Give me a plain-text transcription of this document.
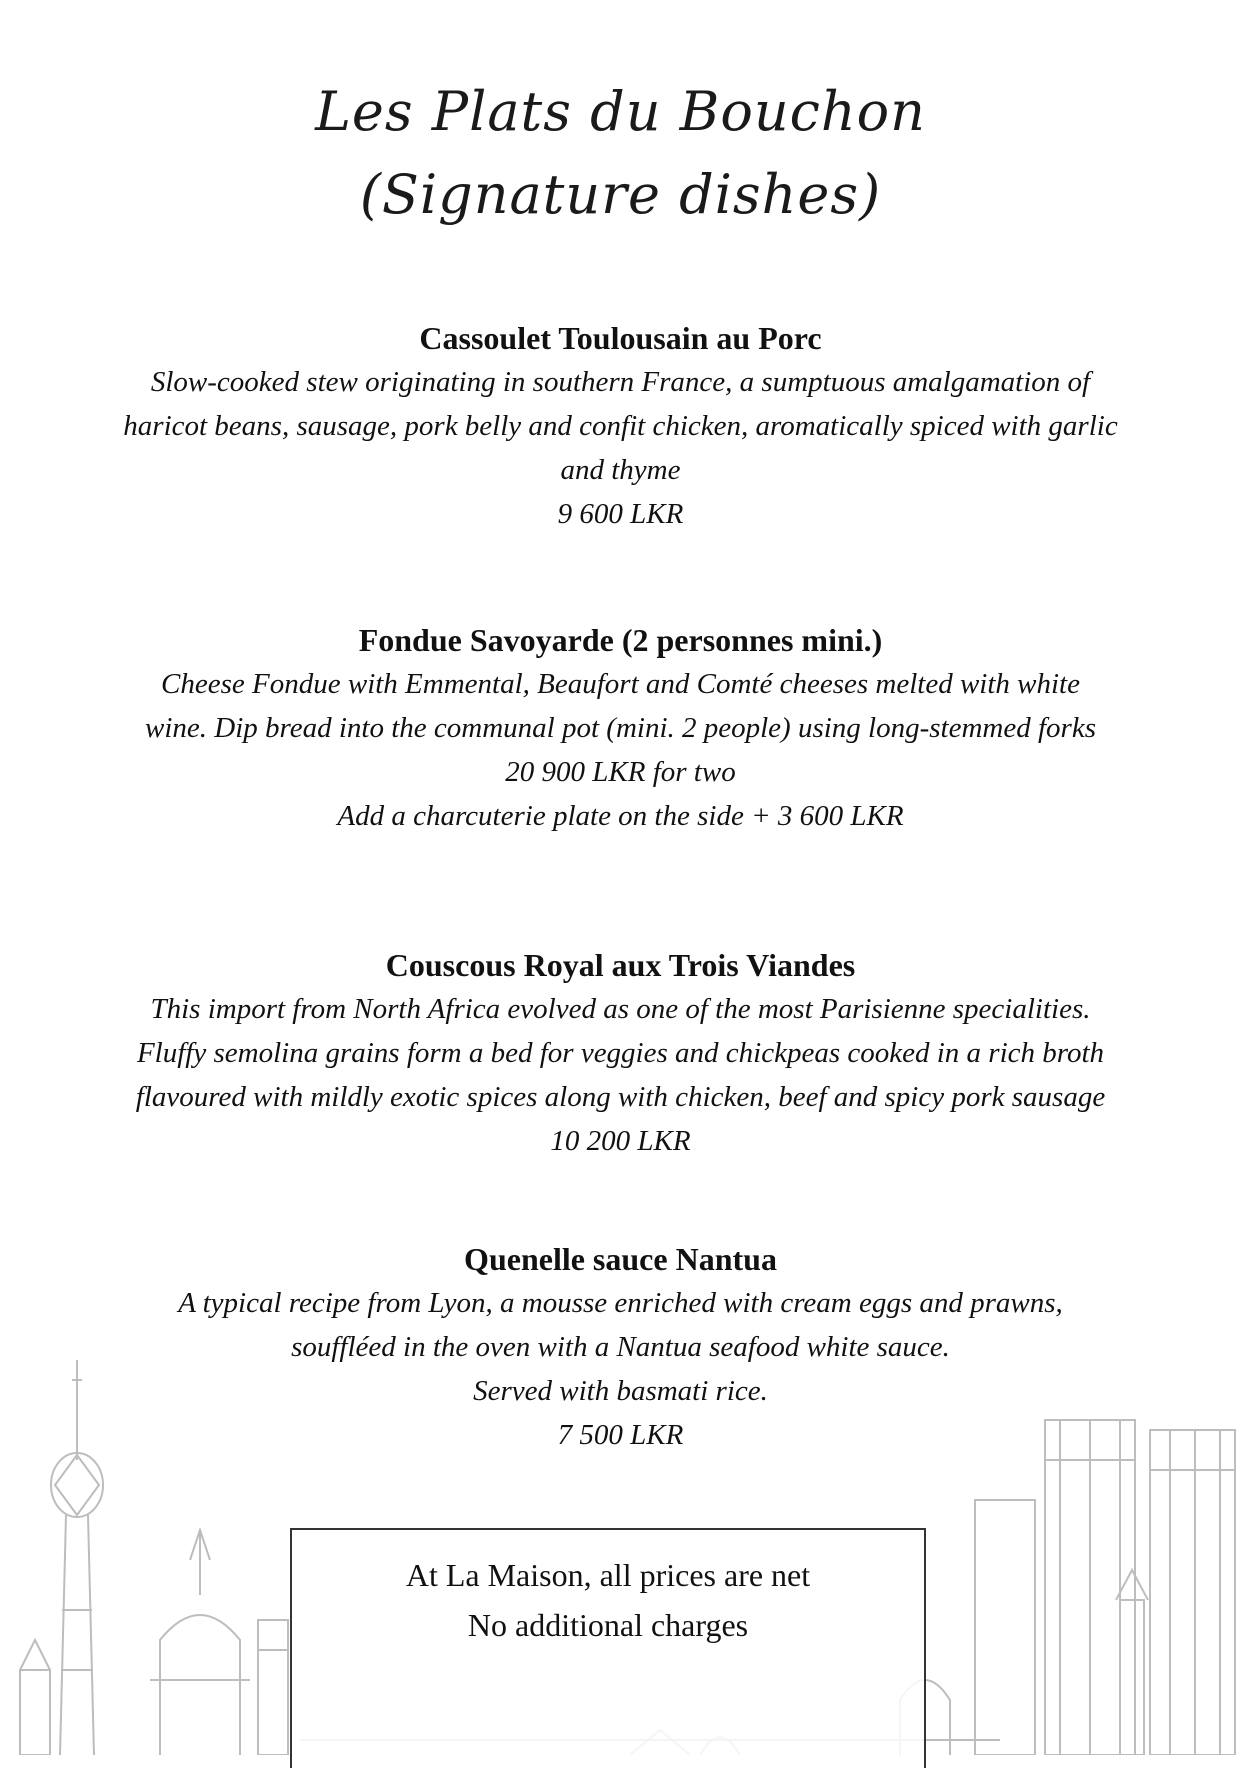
Les Plats du Bouchon
(Signature dishes)

Cassoulet Toulousain au Porc

Slow-cooked stew originating in southern France, a sumptuous amalgamation of

haricot beans, sausage, pork belly and confit chicken, aromatically spiced with garlic

and thyme

9 600 LKR

Fondue Savoyarde (2 personnes mini.)

Cheese Fondue with Emmental, Beaufort and Comté cheeses melted with white

wine. Dip bread into the communal pot (mini. 2 people) using long-stemmed forks

20 900 LKR for two

Add a charcuterie plate on the side + 3 600 LKR

Couscous Royal aux Trois Viandes

This import from North Africa evolved as one of the most Parisienne specialities.

Fluffy semolina grains form a bed for veggies and chickpeas cooked in a rich broth

flavoured with mildly exotic spices along with chicken, beef and spicy pork sausage

10 200 LKR

Quenelle sauce Nantua

A typical recipe from Lyon, a mousse enriched with cream eggs and prawns,

souffléed in the oven with a Nantua seafood white sauce.

Served with basmati rice.

7 500 LKR

At La Maison, all prices are net

No additional charges
